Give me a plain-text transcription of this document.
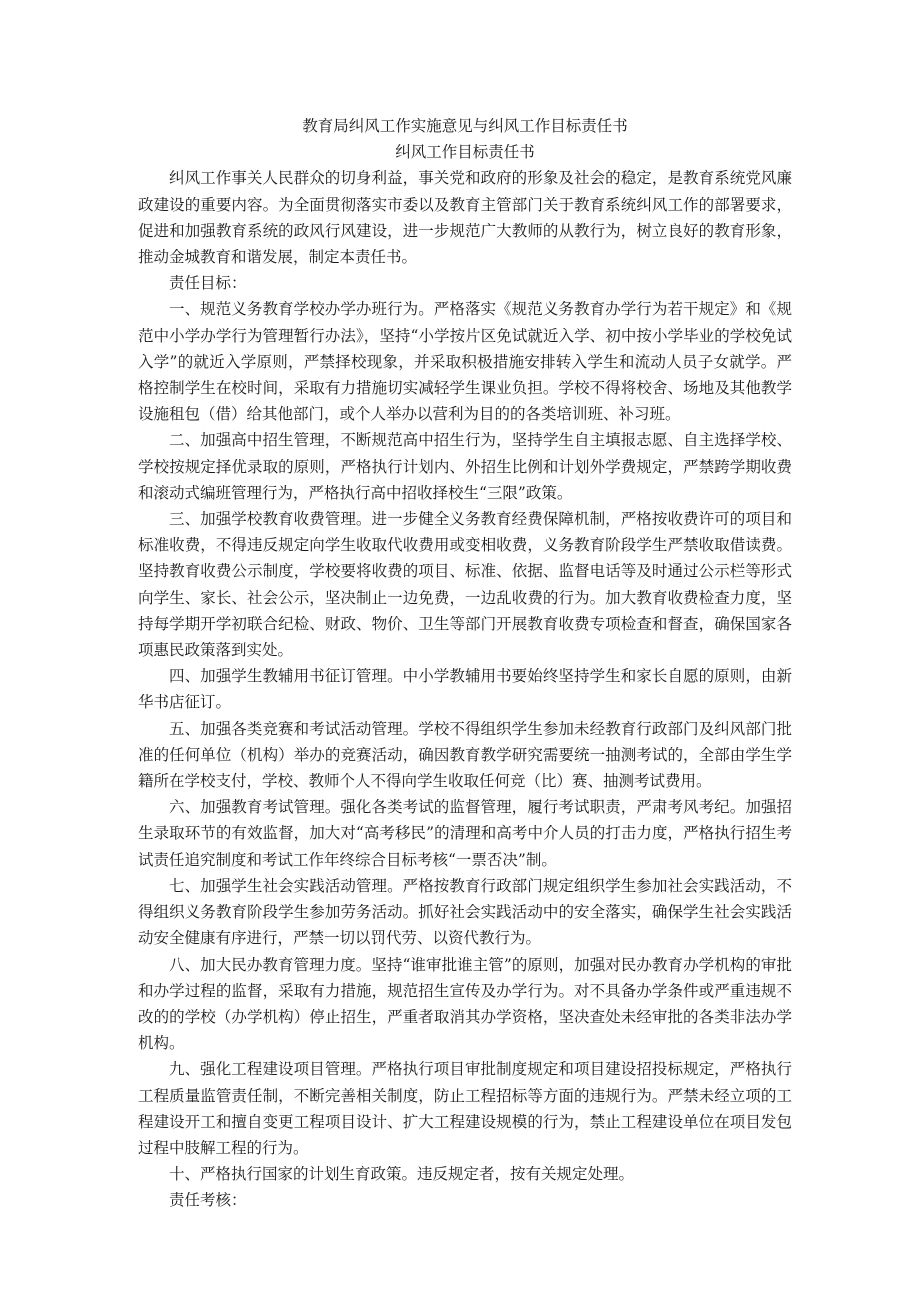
教育局纠风工作实施意见与纠风工作目标责任书

纠风工作目标责任书

纠风工作事关人民群众的切身利益，事关党和政府的形象及社会的稳定，是教育系统党风廉政建设的重要内容。为全面贯彻落实市委以及教育主管部门关于教育系统纠风工作的部署要求，促进和加强教育系统的政风行风建设，进一步规范广大教师的从教行为，树立良好的教育形象，推动金城教育和谐发展，制定本责任书。

责任目标：

一、规范义务教育学校办学办班行为。严格落实《规范义务教育办学行为若干规定》和《规范中小学办学行为管理暂行办法》，坚持“小学按片区免试就近入学、初中按小学毕业的学校免试入学”的就近入学原则，严禁择校现象，并采取积极措施安排转入学生和流动人员子女就学。严格控制学生在校时间，采取有力措施切实减轻学生课业负担。学校不得将校舍、场地及其他教学设施租包（借）给其他部门，或个人举办以营利为目的的各类培训班、补习班。

二、加强高中招生管理，不断规范高中招生行为，坚持学生自主填报志愿、自主选择学校、学校按规定择优录取的原则，严格执行计划内、外招生比例和计划外学费规定，严禁跨学期收费和滚动式编班管理行为，严格执行高中招收择校生“三限”政策。

三、加强学校教育收费管理。进一步健全义务教育经费保障机制，严格按收费许可的项目和标准收费，不得违反规定向学生收取代收费用或变相收费，义务教育阶段学生严禁收取借读费。坚持教育收费公示制度，学校要将收费的项目、标准、依据、监督电话等及时通过公示栏等形式向学生、家长、社会公示，坚决制止一边免费，一边乱收费的行为。加大教育收费检查力度，坚持每学期开学初联合纪检、财政、物价、卫生等部门开展教育收费专项检查和督查，确保国家各项惠民政策落到实处。

四、加强学生教辅用书征订管理。中小学教辅用书要始终坚持学生和家长自愿的原则，由新华书店征订。

五、加强各类竞赛和考试活动管理。学校不得组织学生参加未经教育行政部门及纠风部门批准的任何单位（机构）举办的竞赛活动，确因教育教学研究需要统一抽测考试的，全部由学生学籍所在学校支付，学校、教师个人不得向学生收取任何竞（比）赛、抽测考试费用。

六、加强教育考试管理。强化各类考试的监督管理，履行考试职责，严肃考风考纪。加强招生录取环节的有效监督，加大对“高考移民”的清理和高考中介人员的打击力度，严格执行招生考试责任追究制度和考试工作年终综合目标考核“一票否决”制。

七、加强学生社会实践活动管理。严格按教育行政部门规定组织学生参加社会实践活动，不得组织义务教育阶段学生参加劳务活动。抓好社会实践活动中的安全落实，确保学生社会实践活动安全健康有序进行，严禁一切以罚代劳、以资代教行为。

八、加大民办教育管理力度。坚持“谁审批谁主管”的原则，加强对民办教育办学机构的审批和办学过程的监督，采取有力措施，规范招生宣传及办学行为。对不具备办学条件或严重违规不改的的学校（办学机构）停止招生，严重者取消其办学资格，坚决查处未经审批的各类非法办学机构。

九、强化工程建设项目管理。严格执行项目审批制度规定和项目建设招投标规定，严格执行工程质量监管责任制，不断完善相关制度，防止工程招标等方面的违规行为。严禁未经立项的工程建设开工和擅自变更工程项目设计、扩大工程建设规模的行为，禁止工程建设单位在项目发包过程中肢解工程的行为。

十、严格执行国家的计划生育政策。违反规定者，按有关规定处理。

责任考核：
